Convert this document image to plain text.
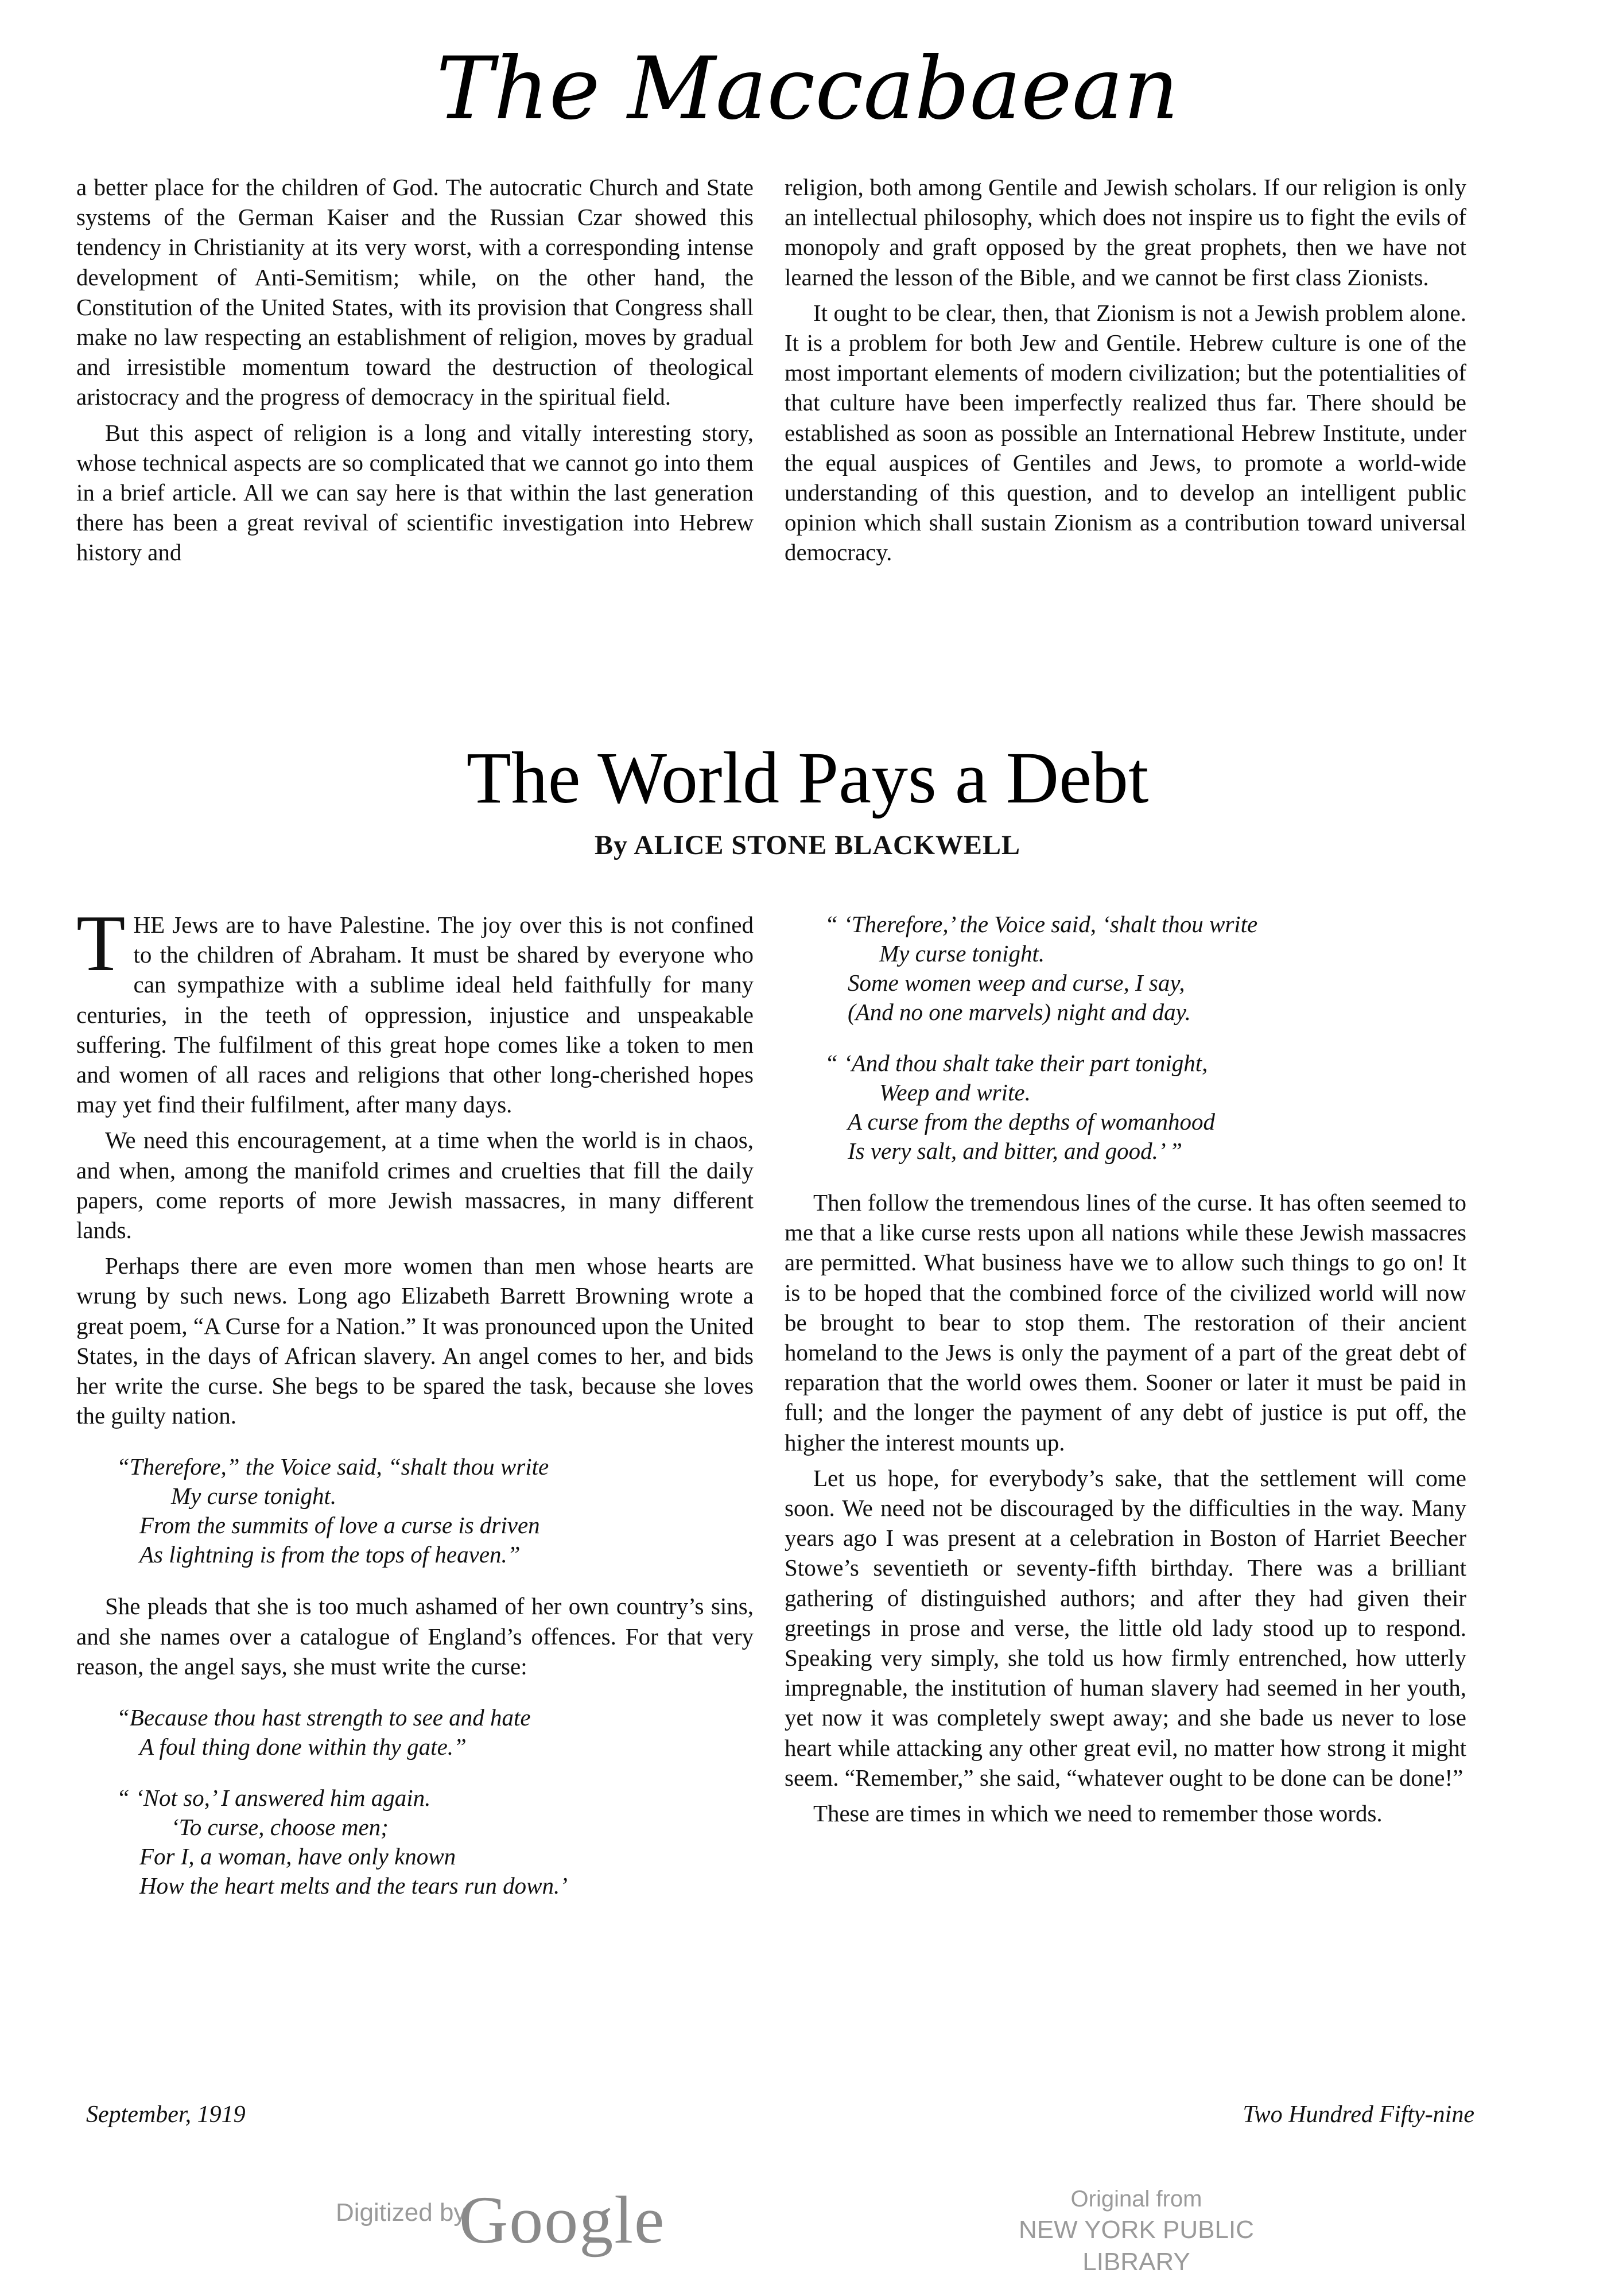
The Maccabaean

a better place for the children of God. The autocratic Church and State systems of the German Kaiser and the Russian Czar showed this tendency in Christianity at its very worst, with a corresponding intense development of Anti-Semitism; while, on the other hand, the Constitution of the United States, with its provision that Congress shall make no law respecting an establishment of religion, moves by gradual and irresistible momentum toward the destruction of theological aristocracy and the progress of democracy in the spiritual field.

But this aspect of religion is a long and vitally interesting story, whose technical aspects are so complicated that we cannot go into them in a brief article. All we can say here is that within the last generation there has been a great revival of scientific investigation into Hebrew history and

religion, both among Gentile and Jewish scholars. If our religion is only an intellectual philosophy, which does not inspire us to fight the evils of monopoly and graft opposed by the great prophets, then we have not learned the lesson of the Bible, and we cannot be first class Zionists.

It ought to be clear, then, that Zionism is not a Jewish problem alone. It is a problem for both Jew and Gentile. Hebrew culture is one of the most important elements of modern civilization; but the potentialities of that culture have been imperfectly realized thus far. There should be established as soon as possible an International Hebrew Institute, under the equal auspices of Gentiles and Jews, to promote a world-wide understanding of this question, and to develop an intelligent public opinion which shall sustain Zionism as a contribution toward universal democracy.

The World Pays a Debt
By ALICE STONE BLACKWELL

THE Jews are to have Palestine. The joy over this is not confined to the children of Abraham. It must be shared by everyone who can sympathize with a sublime ideal held faithfully for many centuries, in the teeth of oppression, injustice and unspeakable suffering. The fulfilment of this great hope comes like a token to men and women of all races and religions that other long-cherished hopes may yet find their fulfilment, after many days.

We need this encouragement, at a time when the world is in chaos, and when, among the manifold crimes and cruelties that fill the daily papers, come reports of more Jewish massacres, in many different lands.

Perhaps there are even more women than men whose hearts are wrung by such news. Long ago Elizabeth Barrett Browning wrote a great poem, “A Curse for a Nation.” It was pronounced upon the United States, in the days of African slavery. An angel comes to her, and bids her write the curse. She begs to be spared the task, because she loves the guilty nation.

“Therefore,” the Voice said, “shalt thou write
My curse tonight.
From the summits of love a curse is driven
As lightning is from the tops of heaven.”

She pleads that she is too much ashamed of her own country’s sins, and she names over a catalogue of England’s offences. For that very reason, the angel says, she must write the curse:

“Because thou hast strength to see and hate
A foul thing done within thy gate.”
“ ‘Not so,’ I answered him again.
‘To curse, choose men;
For I, a woman, have only known
How the heart melts and the tears run down.’
“ ‘Therefore,’ the Voice said, ‘shalt thou write
My curse tonight.
Some women weep and curse, I say,
(And no one marvels) night and day.
“ ‘And thou shalt take their part tonight,
Weep and write.
A curse from the depths of womanhood
Is very salt, and bitter, and good.’ ”

Then follow the tremendous lines of the curse. It has often seemed to me that a like curse rests upon all nations while these Jewish massacres are permitted. What business have we to allow such things to go on! It is to be hoped that the combined force of the civilized world will now be brought to bear to stop them. The restoration of their ancient homeland to the Jews is only the payment of a part of the great debt of reparation that the world owes them. Sooner or later it must be paid in full; and the longer the payment of any debt of justice is put off, the higher the interest mounts up.

Let us hope, for everybody’s sake, that the settlement will come soon. We need not be discouraged by the difficulties in the way. Many years ago I was present at a celebration in Boston of Harriet Beecher Stowe’s seventieth or seventy-fifth birthday. There was a brilliant gathering of distinguished authors; and after they had given their greetings in prose and verse, the little old lady stood up to respond. Speaking very simply, she told us how firmly entrenched, how utterly impregnable, the institution of human slavery had seemed in her youth, yet now it was completely swept away; and she bade us never to lose heart while attacking any other great evil, no matter how strong it might seem. “Remember,” she said, “whatever ought to be done can be done!”

These are times in which we need to remember those words.

September, 1919	Two Hundred Fifty-nine
Digitized by
Google	Original from
NEW YORK PUBLIC LIBRARY
